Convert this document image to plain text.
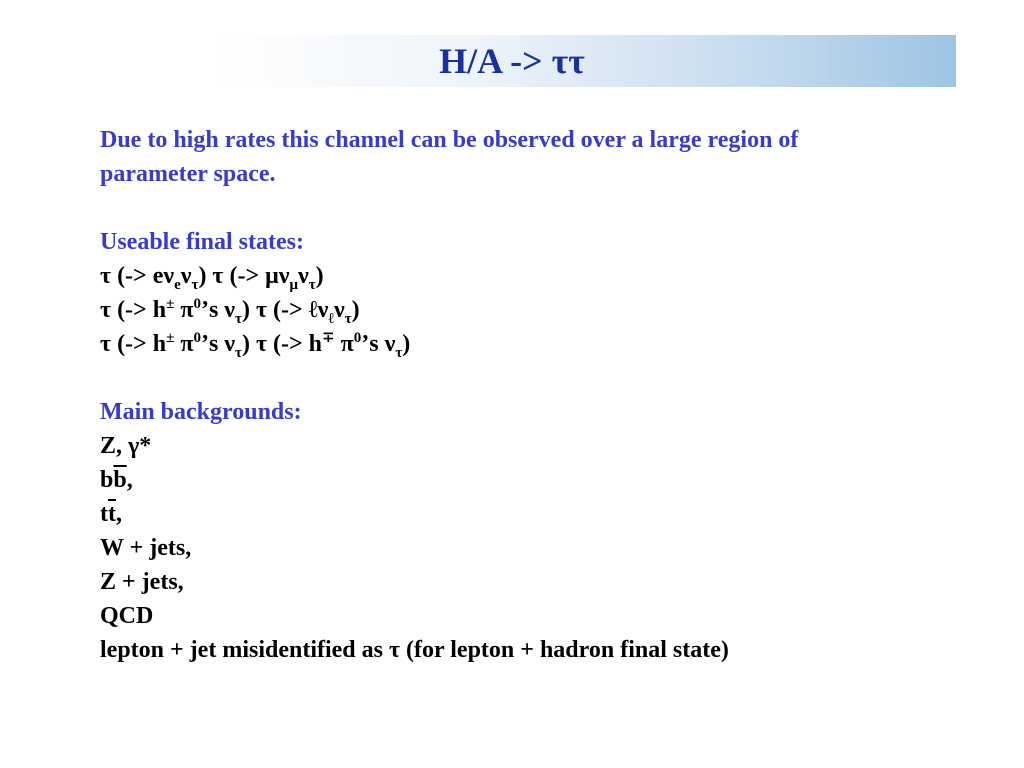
H/A -> ττ
Due to high rates this channel can be observed over a large region of
parameter space.
Useable final states:
τ (-> $e\nu_e\nu_\tau$) τ (-> $\mu\nu_\mu\nu_\tau$)
τ (-> h± $\pi^0’s$ $\nu_\tau$) τ (-> $\ell\nu_\ell\nu_\tau$)
τ (-> h± $\pi^0’s$ $\nu_\tau$) τ (-> h∓ $\pi^0’s$ $\nu_\tau$)
Main backgrounds:
Z, γ*
$b\overline{b}$,
$t\overline{t}$,
W + jets,
Z + jets,
QCD
lepton + jet misidentified as τ (for lepton + hadron final state)
